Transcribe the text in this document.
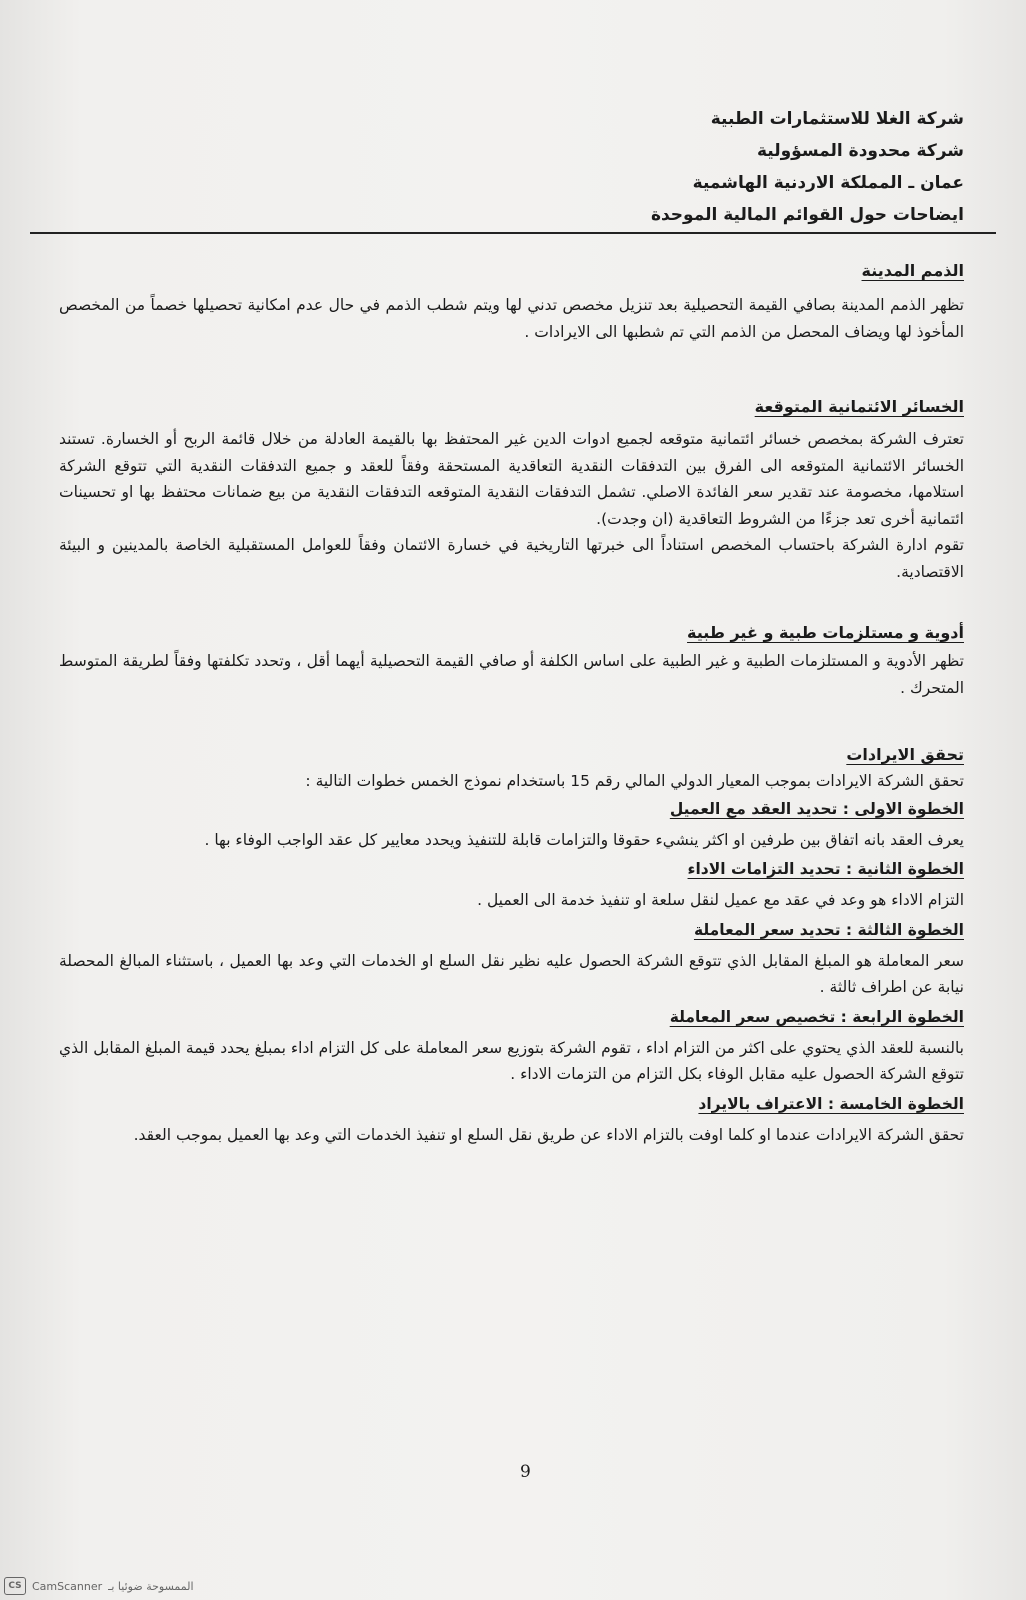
شركة الغلا للاستثمارات الطبية
شركة محدودة المسؤولية
عمان ـ المملكة الاردنية الهاشمية
ايضاحات حول القوائم المالية الموحدة
الذمم المدينة
تظهر الذمم المدينة بصافي القيمة التحصيلية بعد تنزيل مخصص تدني لها ويتم شطب الذمم في حال عدم امكانية تحصيلها خصماً من المخصص المأخوذ لها ويضاف المحصل من الذمم التي تم شطبها الى الايرادات .
الخسائر الائتمانية المتوقعة
تعترف الشركة بمخصص خسائر ائتمانية متوقعه لجميع ادوات الدين غير المحتفظ بها بالقيمة العادلة من خلال قائمة الربح أو الخسارة. تستند الخسائر الائتمانية المتوقعه الى الفرق بين التدفقات النقدية التعاقدية المستحقة وفقاً للعقد و جميع التدفقات النقدية التي تتوقع الشركة استلامها، مخصومة عند تقدير سعر الفائدة الاصلي. تشمل التدفقات النقدية المتوقعه التدفقات النقدية من بيع ضمانات محتفظ بها او تحسينات ائتمانية أخرى تعد جزءًا من الشروط التعاقدية (ان وجدت).
تقوم ادارة الشركة باحتساب المخصص استناداً الى خبرتها التاريخية في خسارة الائتمان وفقاً للعوامل المستقبلية الخاصة بالمدينين و البيئة الاقتصادية.
أدوية و مستلزمات طبية و غير طبية
تظهر الأدوية و المستلزمات الطبية و غير الطبية على اساس الكلفة أو صافي القيمة التحصيلية أيهما أقل ، وتحدد تكلفتها وفقاً لطريقة المتوسط المتحرك .
تحقق الايرادات
تحقق الشركة الايرادات بموجب المعيار الدولي المالي رقم 15 باستخدام نموذج الخمس خطوات التالية :
الخطوة الاولى : تحديد العقد مع العميل
يعرف العقد بانه اتفاق بين طرفين او اكثر ينشيء حقوقا والتزامات قابلة للتنفيذ ويحدد معايير كل عقد الواجب الوفاء بها .
الخطوة الثانية : تحديد التزامات الاداء
التزام الاداء هو وعد في عقد مع عميل لنقل سلعة او تنفيذ خدمة الى العميل .
الخطوة الثالثة : تحديد سعر المعاملة
سعر المعاملة هو المبلغ المقابل الذي تتوقع الشركة الحصول عليه نظير نقل السلع او الخدمات التي وعد بها العميل ، باستثناء المبالغ المحصلة نيابة عن اطراف ثالثة .
الخطوة الرابعة : تخصيص سعر المعاملة
بالنسبة للعقد الذي يحتوي على اكثر من التزام اداء ، تقوم الشركة بتوزيع سعر المعاملة على كل التزام اداء بمبلغ يحدد قيمة المبلغ المقابل الذي تتوقع الشركة الحصول عليه مقابل الوفاء بكل التزام من التزمات الاداء .
الخطوة الخامسة : الاعتراف بالايراد
تحقق الشركة الايرادات عندما او كلما اوفت بالتزام الاداء عن طريق نقل السلع او تنفيذ الخدمات التي وعد بها العميل بموجب العقد.
9
CS CamScanner الممسوحة ضوئيا بـ
